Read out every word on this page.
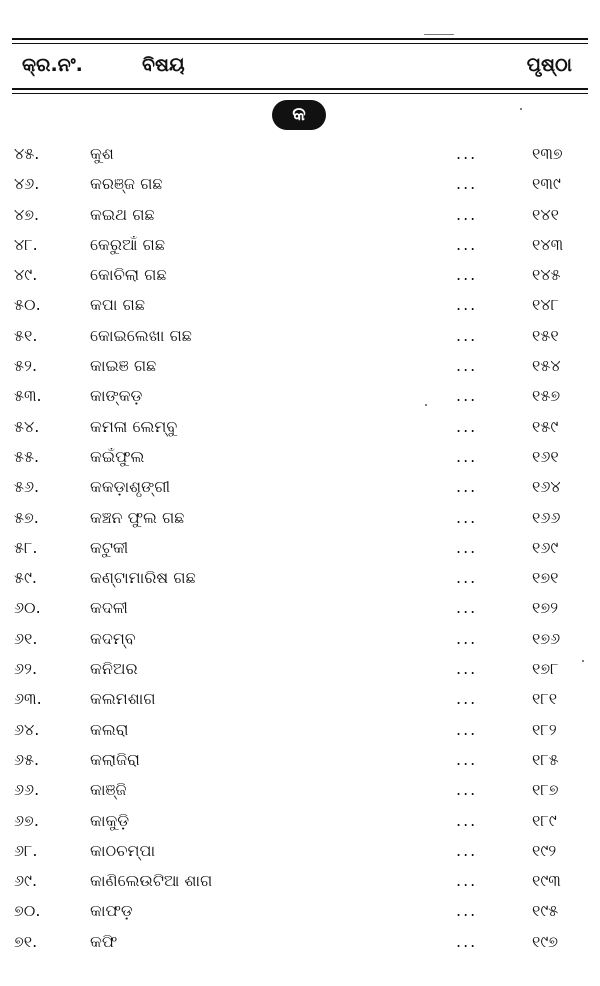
କ୍ର.ନଂ.	ବିଷୟ	ପୃଷ୍ଠା
କ
୪୫.	କୁଶ	...	୧୩୭
୪୬.	କରଞ୍ଜ ଗଛ	...	୧୩୯
୪୭.	କଇଥ ଗଛ	...	୧୪୧
୪୮.	କେରୁଆଁ ଗଛ	...	୧୪୩
୪୯.	କୋଚିଲା ଗଛ	...	୧୪୫
୫୦.	କପା ଗଛ	...	୧୪୮
୫୧.	କୋଇଲେଖା ଗଛ	...	୧୫୧
୫୨.	କାଇଞ ଗଛ	...	୧୫୪
୫୩.	କାଙ୍କଡ଼	...	୧୫୭
୫୪.	କମଳା ଲେମ୍ବୁ	...	୧୫୯
୫୫.	କଇଁଫୁଲ	...	୧୬୧
୫୬.	କକଡ଼ାଶୃଙ୍ଗୀ	...	୧୬୪
୫୭.	କଞ୍ଚନ ଫୁଲ ଗଛ	...	୧୬୬
୫୮.	କଟୁକୀ	...	୧୬୯
୫୯.	କଣ୍ଟାମାରିଷ ଗଛ	...	୧୭୧
୬୦.	କଦଳୀ	...	୧୭୨
୬୧.	କଦମ୍ବ	...	୧୭୬
୬୨.	କନିଅର	...	୧୭୮
୬୩.	କଲମଶାଗ	...	୧୮୧
୬୪.	କଲରା	...	୧୮୨
୬୫.	କଲାଜିରା	...	୧୮୫
୬୬.	କାଞ୍ଜି	...	୧୮୭
୬୭.	କାକୁଡ଼ି	...	୧୮୯
୬୮.	କାଠଚମ୍ପା	...	୧୯୨
୬୯.	କାଣିଲେଉଟିଆ ଶାଗ	...	୧୯୩
୭୦.	କାଫଡ଼	...	୧୯୫
୭୧.	କଫି	...	୧୯୭
